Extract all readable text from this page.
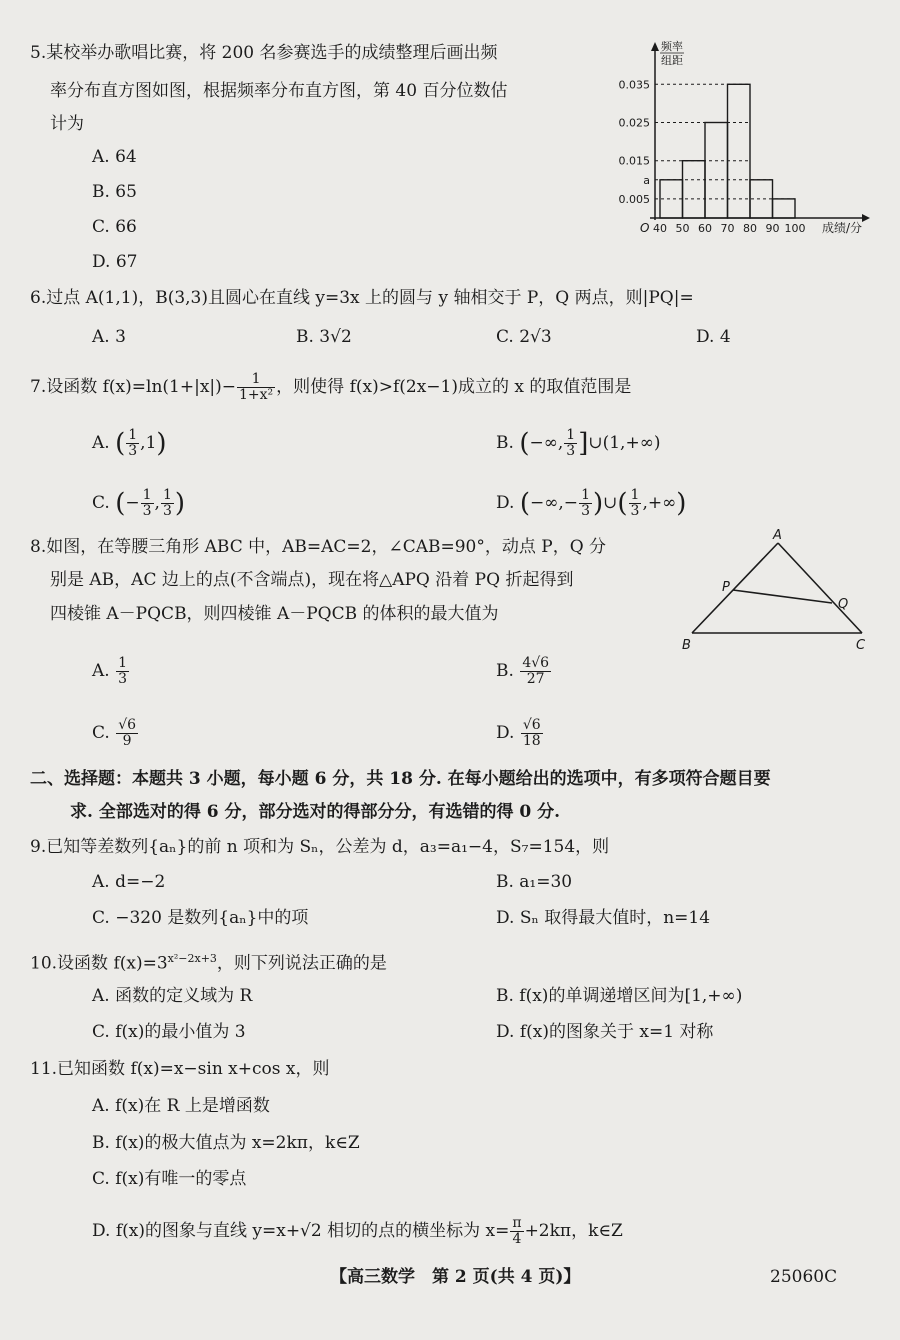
5.某校举办歌唱比赛，将 200 名参赛选手的成绩整理后画出频
率分布直方图如图，根据频率分布直方图，第 40 百分位数估
计为
A. 64
B. 65
C. 66
D. 67
0.005
a
0.015
0.025
0.035
40 50 60 70 80 90 100
O
频率
组距
成绩/分
6.过点 A(1,1)，B(3,3)且圆心在直线 y=3x 上的圆与 y 轴相交于 P，Q 两点，则|PQ|=
A. 3	B. 3√2	C. 2√3	D. 4
7.设函数 $f(x)=\ln(1+|x|)- \frac{1}{\text{1+x²}}$ ，则使得 f(x)>f(2x−1)成立的 x 的取值范围是
A. ( $\frac{1}{3} ,1$)	B. (−∞, $\frac{1}{3}$ ]∪(1,+∞)
C. (− $\frac{1}{3}$ , $\frac{1}{3}$ )	D. (−∞,− $\frac{1}{3}$ )∪( $\frac{1}{3}$ ,+∞)
8.如图，在等腰三角形 ABC 中，AB=AC=2，∠CAB=90°，动点 P，Q 分
别是 AB，AC 边上的点(不含端点)，现在将△APQ 沿着 PQ 折起得到
四棱锥 A－PQCB，则四棱锥 A－PQCB 的体积的最大值为
A
P
Q
B	C
A. $\frac{1}{3}$	B. $\frac{4√6}{27}$
C. $\frac{√6}{9}$	D. $\frac{√6}{18}$
二、选择题：本题共 3 小题，每小题 6 分，共 18 分. 在每小题给出的选项中，有多项符合题目要
求. 全部选对的得 6 分，部分选对的得部分分，有选错的得 0 分.
9.已知等差数列{aₙ}的前 n 项和为 Sₙ，公差为 d，a₃=a₁−4，S₇=154，则
A. d=−2	B. a₁=30
C. −320 是数列{aₙ}中的项	D. Sₙ 取得最大值时，n=14
10.设函数 $f(x)=3^{x^2-2x+3}$，则下列说法正确的是
A. 函数的定义域为 R	B. f(x)的单调递增区间为[1,+∞)
C. f(x)的最小值为 3	D. f(x)的图象关于 x=1 对称
11.已知函数 f(x)=x−sin x+cos x，则
A. f(x)在 R 上是增函数
B. f(x)的极大值点为 x=2kπ，k∈Z
C. f(x)有唯一的零点
D. f(x)的图象与直线 y=x+√2 相切的点的横坐标为 $x= \frac{\pi}{4} +2k\pi$，k∈Z
【高三数学　第 2 页(共 4 页)】	25060C
